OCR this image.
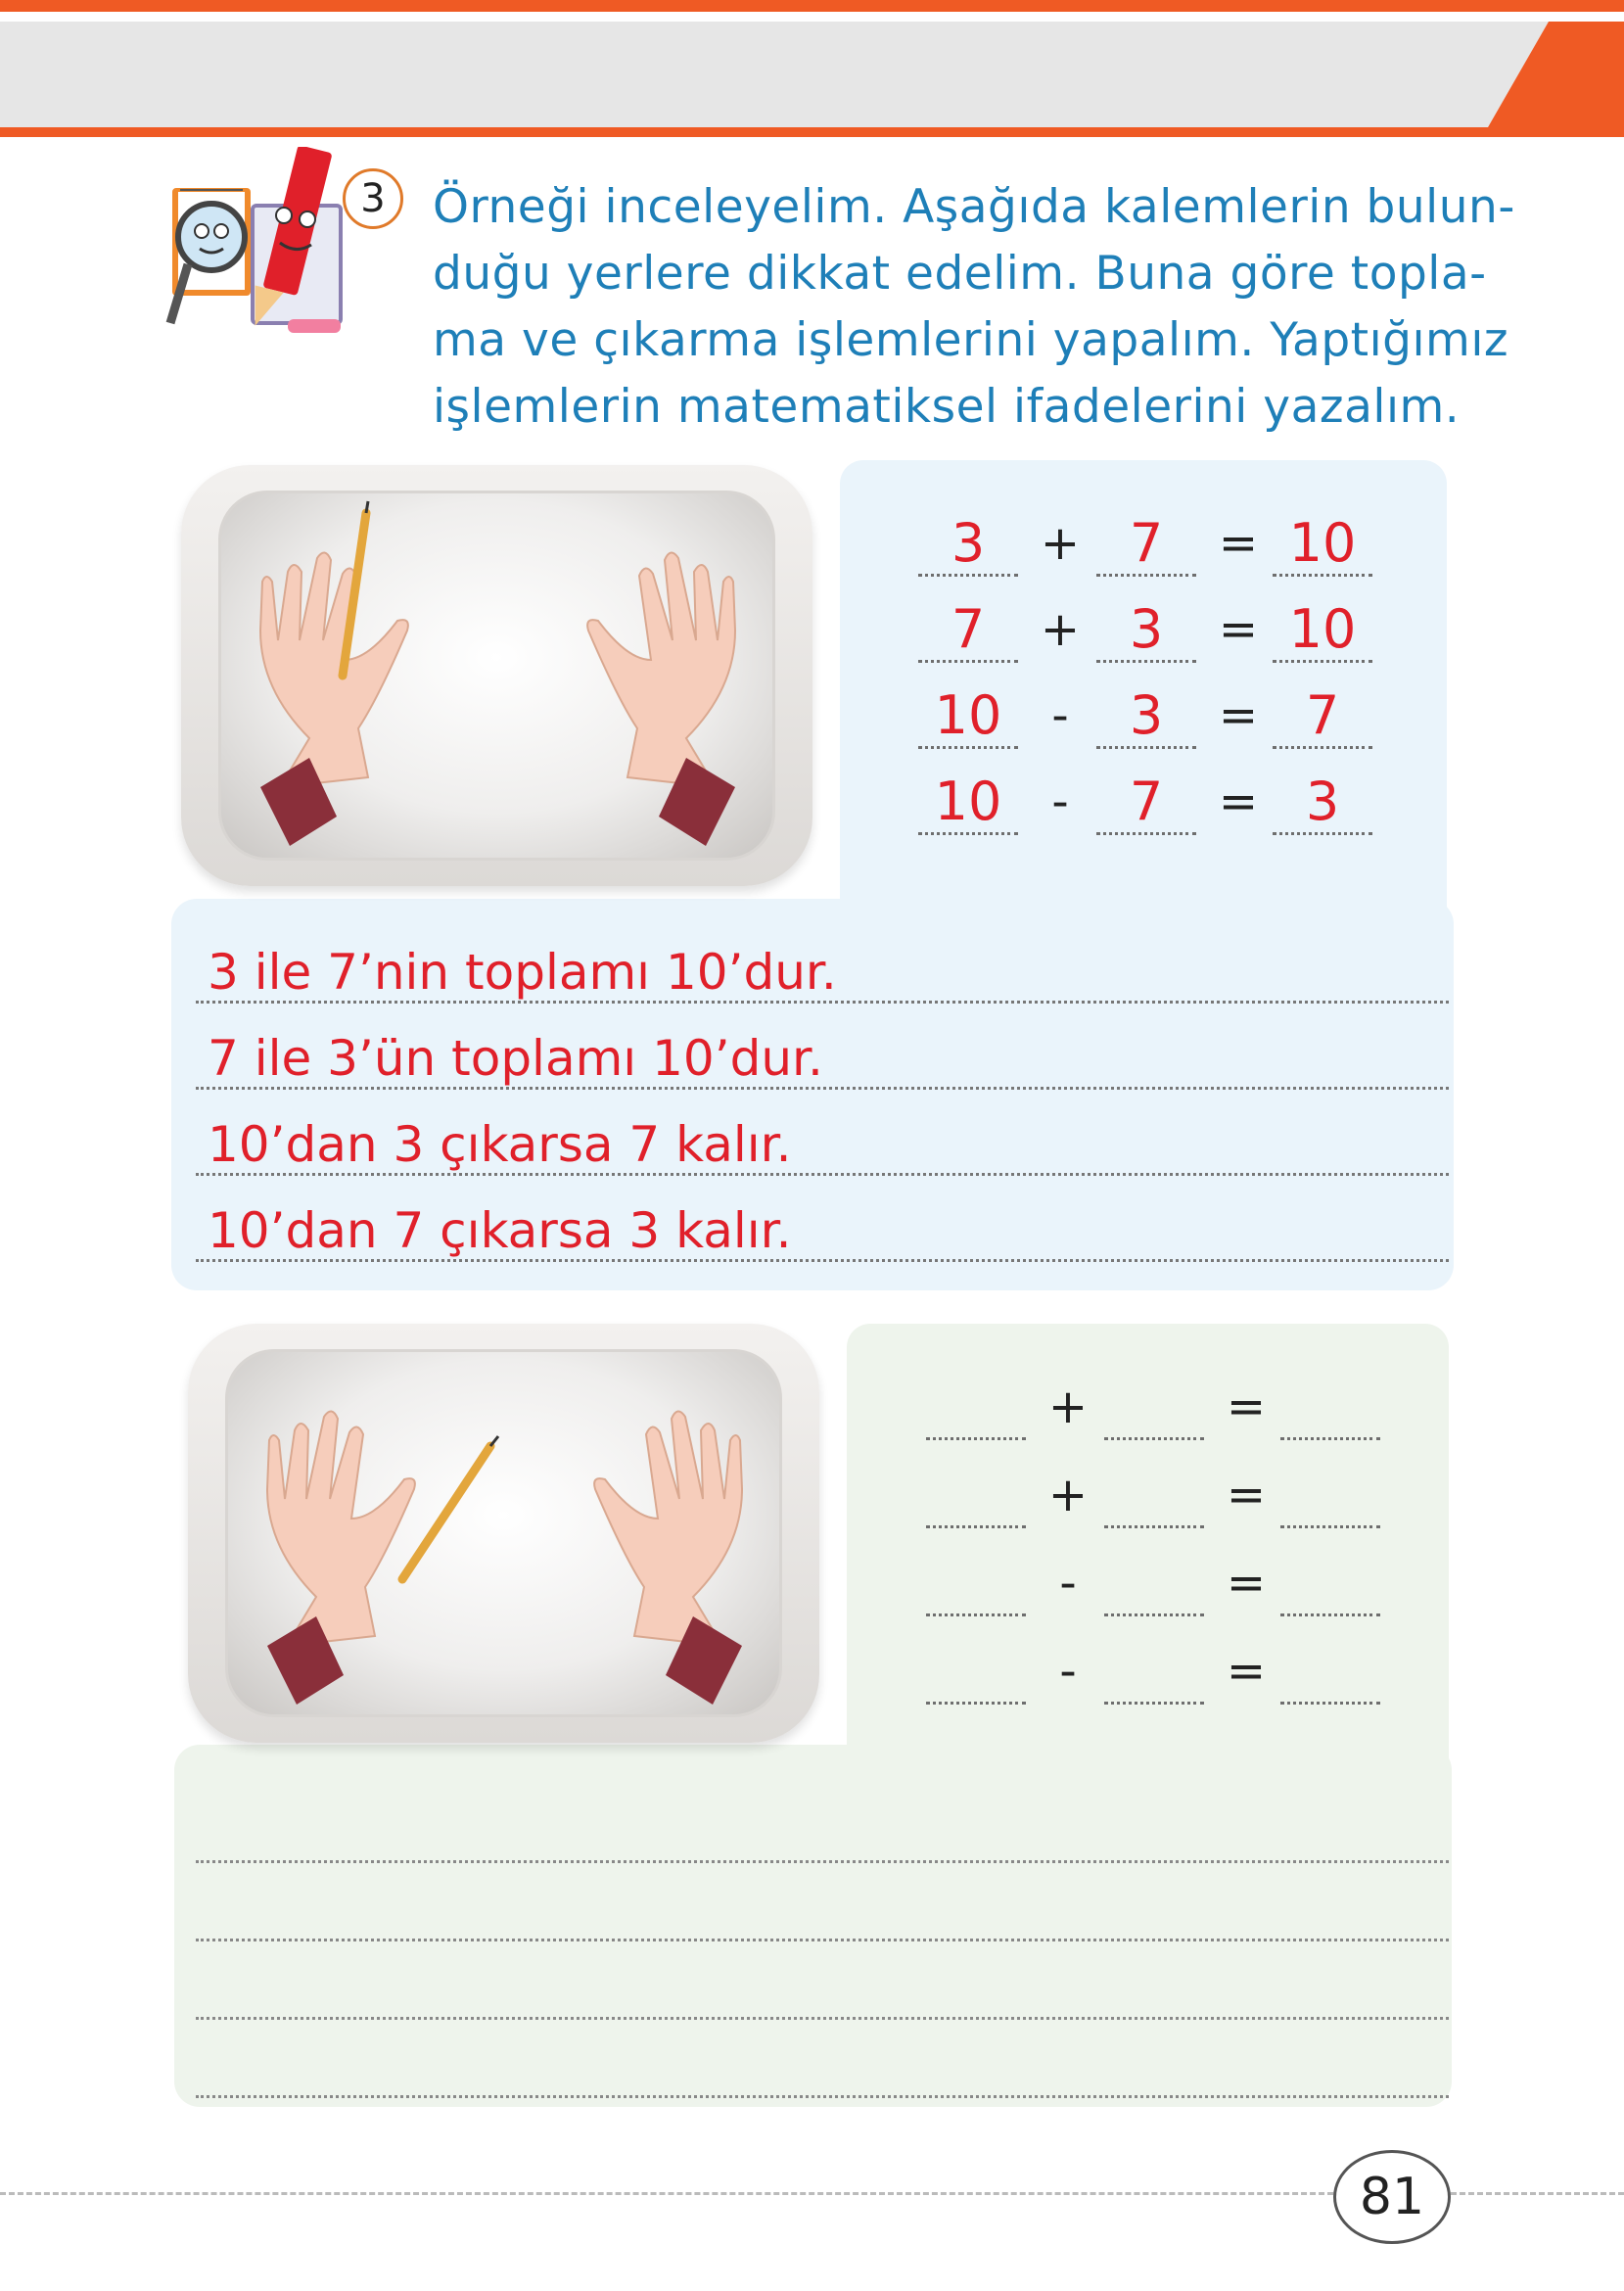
3	Örneği inceleyelim. Aşağıda kalemlerin bulun-
duğu yerlere dikkat edelim. Buna göre topla-
ma ve çıkarma işlemlerini yapalım. Yaptığımız
işlemlerin matematiksel ifadelerini yazalım.
3	+ 7	= 10
7	+ 3	= 10
10	-	3	= 7
10	-	7	= 3
3 ile 7’nin toplamı 10’dur.
7 ile 3’ün toplamı 10’dur.
10’dan 3 çıkarsa 7 kalır.
10’dan 7 çıkarsa 3 kalır.
+	=
+	=
-	=
-	=
81
